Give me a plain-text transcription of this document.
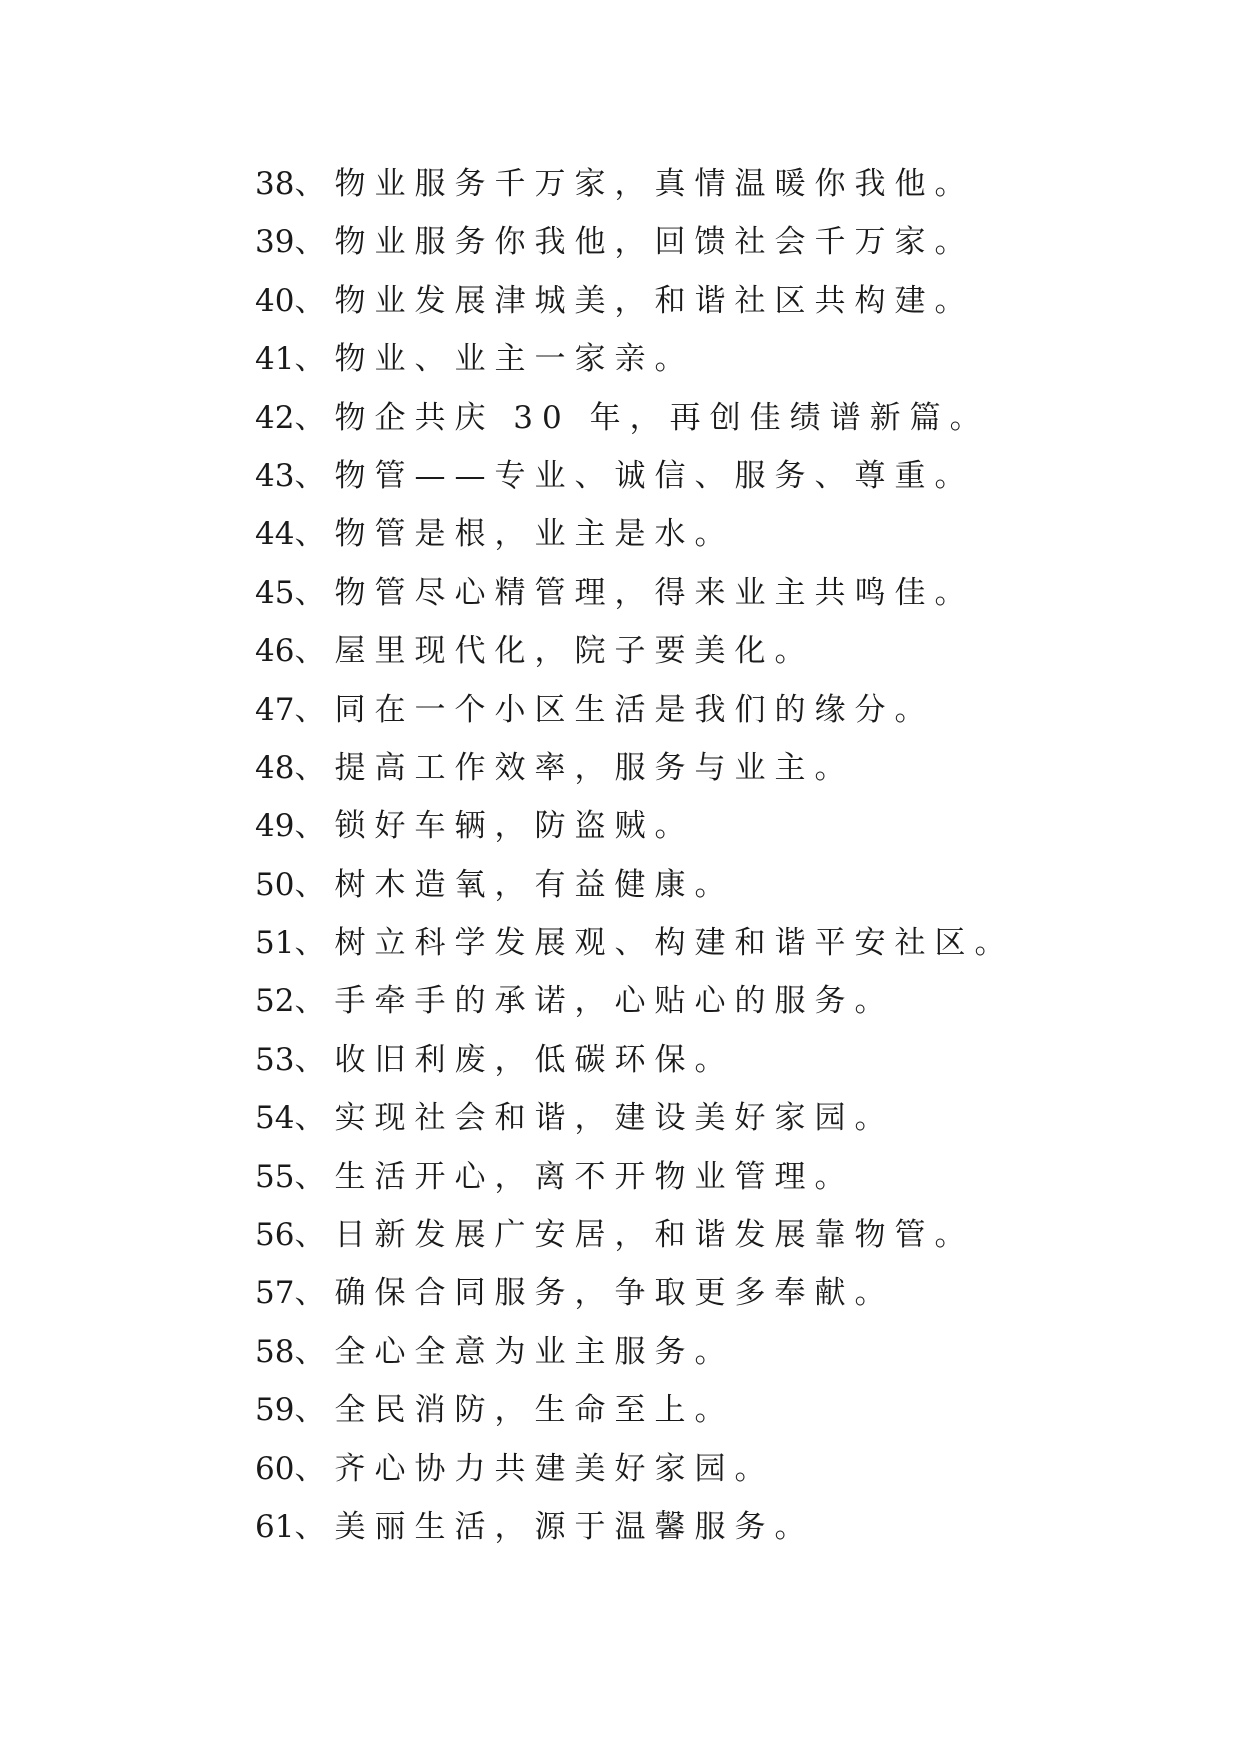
38、物业服务千万家，真情温暖你我他。
39、物业服务你我他，回馈社会千万家。
40、物业发展津城美，和谐社区共构建。
41、物业、业主一家亲。
42、物企共庆 30 年，再创佳绩谱新篇。
43、物管——专业、诚信、服务、尊重。
44、物管是根，业主是水。
45、物管尽心精管理，得来业主共鸣佳。
46、屋里现代化，院子要美化。
47、同在一个小区生活是我们的缘分。
48、提高工作效率，服务与业主。
49、锁好车辆，防盗贼。
50、树木造氧，有益健康。
51、树立科学发展观、构建和谐平安社区。
52、手牵手的承诺，心贴心的服务。
53、收旧利废，低碳环保。
54、实现社会和谐，建设美好家园。
55、生活开心，离不开物业管理。
56、日新发展广安居，和谐发展靠物管。
57、确保合同服务，争取更多奉献。
58、全心全意为业主服务。
59、全民消防，生命至上。
60、齐心协力共建美好家园。
61、美丽生活，源于温馨服务。
